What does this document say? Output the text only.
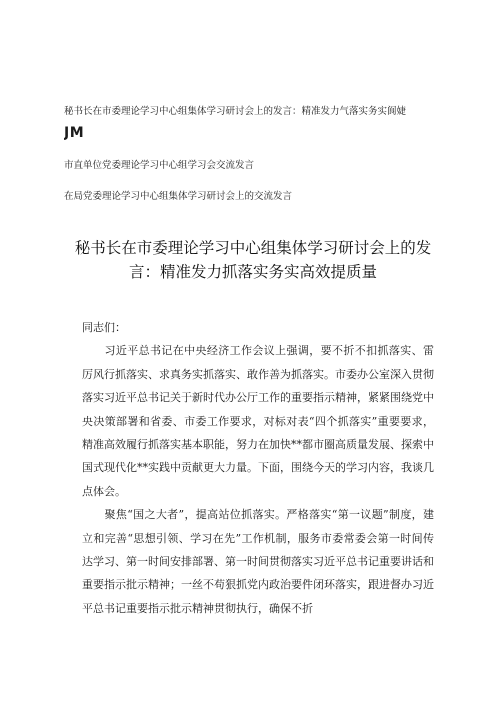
秘书长在市委理论学习中心组集体学习研讨会上的发言：精准发力气落实务实阆婕
JM
市直单位党委理论学习中心组学习会交流发言
在局党委理论学习中心组集体学习研讨会上的交流发言
秘书长在市委理论学习中心组集体学习研讨会上的发言：精准发力抓落实务实高效提质量

同志们：

习近平总书记在中央经济工作会议上强调，要不折不扣抓落实、雷厉风行抓落实、求真务实抓落实、敢作善为抓落实。市委办公室深入贯彻落实习近平总书记关于新时代办公厅工作的重要指示精神，紧紧围绕党中央决策部署和省委、市委工作要求，对标对表“四个抓落实”重要要求，精准高效履行抓落实基本职能，努力在加快**都市圈高质量发展、探索中国式现代化**实践中贡献更大力量。下面，围绕今天的学习内容，我谈几点体会。

聚焦“国之大者”，提高站位抓落实。严格落实“第一议题”制度，建立和完善“思想引领、学习在先”工作机制，服务市委常委会第一时间传达学习、第一时间安排部署、第一时间贯彻落实习近平总书记重要讲话和重要指示批示精神；一丝不苟狠抓党内政治要件闭环落实，跟进督办习近平总书记重要指示批示精神贯彻执行，确保不折
